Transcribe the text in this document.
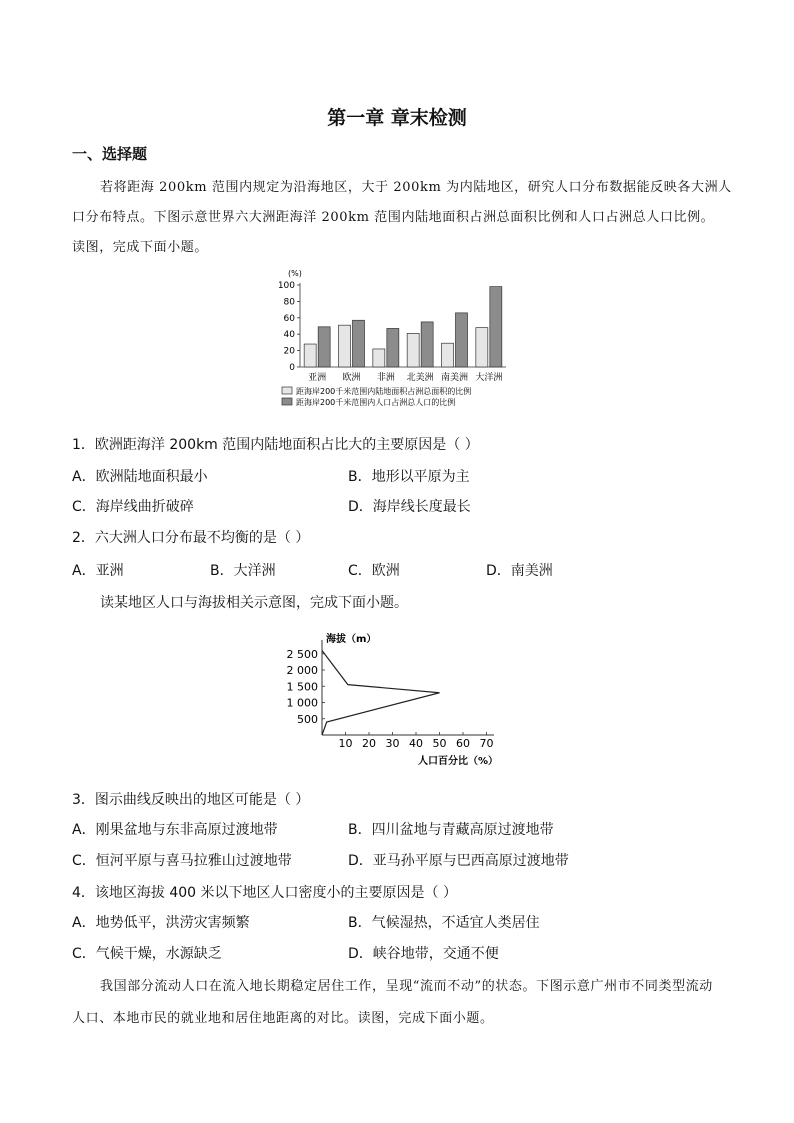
第一章 章末检测
一、选择题
若将距海 200km 范围内规定为沿海地区，大于 200km 为内陆地区，研究人口分布数据能反映各大洲人
口分布特点。下图示意世界六大洲距海洋 200km 范围内陆地面积占洲总面积比例和人口占洲总人口比例。
读图，完成下面小题。
(%)
0
20
40
60
80
100
亚洲 欧洲 非洲 北美洲 南美洲 大洋洲
距海岸200千米范围内陆地面积占洲总面积的比例
距海岸200千米范围内人口占洲总人口的比例
1．欧洲距海洋 200km 范围内陆地面积占比大的主要原因是（ ）
A．欧洲陆地面积最小	B．地形以平原为主
C．海岸线曲折破碎	D．海岸线长度最长
2．六大洲人口分布最不均衡的是（ ）
A．亚洲	B．大洋洲	C．欧洲	D．南美洲
读某地区人口与海拔相关示意图，完成下面小题。
海拔（m）
500
1 000
1 500
2 000
2 500
10 20 30 40 50 60 70
人口百分比（%）
3．图示曲线反映出的地区可能是（ ）
A．刚果盆地与东非高原过渡地带	B．四川盆地与青藏高原过渡地带
C．恒河平原与喜马拉雅山过渡地带	D．亚马孙平原与巴西高原过渡地带
4．该地区海拔 400 米以下地区人口密度小的主要原因是（ ）
A．地势低平，洪涝灾害频繁	B．气候湿热，不适宜人类居住
C．气候干燥，水源缺乏	D．峡谷地带，交通不便
我国部分流动人口在流入地长期稳定居住工作，呈现“流而不动”的状态。下图示意广州市不同类型流动
人口、本地市民的就业地和居住地距离的对比。读图，完成下面小题。
